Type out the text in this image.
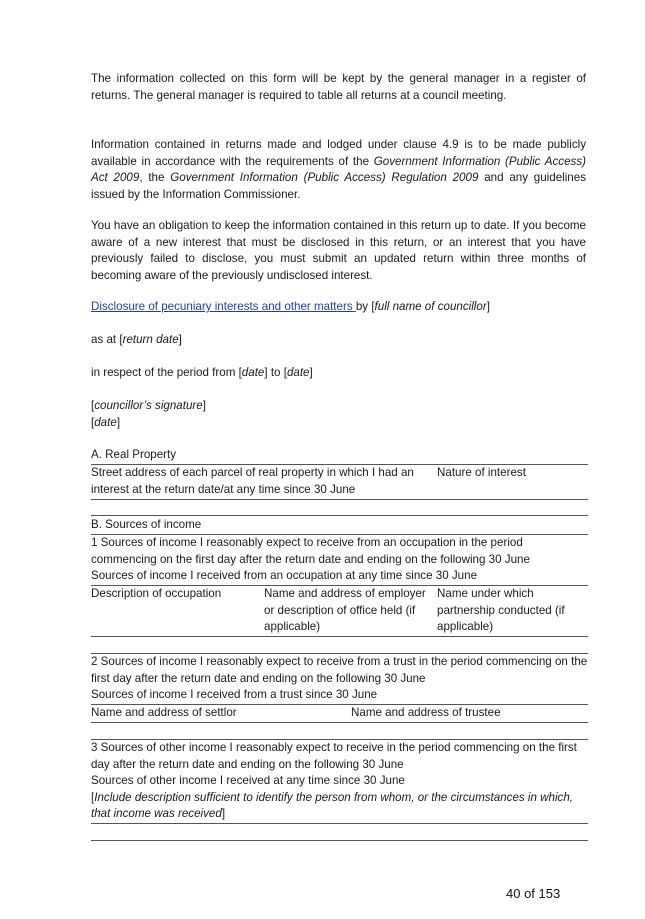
The information collected on this form will be kept by the general manager in a register of returns. The general manager is required to table all returns at a council meeting.

Information contained in returns made and lodged under clause 4.9 is to be made publicly available in accordance with the requirements of the Government Information (Public Access) Act 2009, the Government Information (Public Access) Regulation 2009 and any guidelines issued by the Information Commissioner.

You have an obligation to keep the information contained in this return up to date. If you become aware of a new interest that must be disclosed in this return, or an interest that you have previously failed to disclose, you must submit an updated return within three months of becoming aware of the previously undisclosed interest.

Disclosure of pecuniary interests and other matters by [full name of councillor]

as at [return date]

in respect of the period from [date] to [date]

[councillor’s signature]

[date]

A. Real Property
Street address of each parcel of real property in which I had an interest at the return date/at any time since 30 June
Nature of interest
B. Sources of income

1 Sources of income I reasonably expect to receive from an occupation in the period commencing on the first day after the return date and ending on the following 30 June

Sources of income I received from an occupation at any time since 30 June

Description of occupation	Name and address of employer or description of office held (if applicable)
Name under which partnership conducted (if applicable)

2 Sources of income I reasonably expect to receive from a trust in the period commencing on the first day after the return date and ending on the following 30 June

Sources of income I received from a trust since 30 June

Name and address of settlor	Name and address of trustee

3 Sources of other income I reasonably expect to receive in the period commencing on the first day after the return date and ending on the following 30 June

Sources of other income I received at any time since 30 June

[Include description sufficient to identify the person from whom, or the circumstances in which, that income was received]

40 of 153
